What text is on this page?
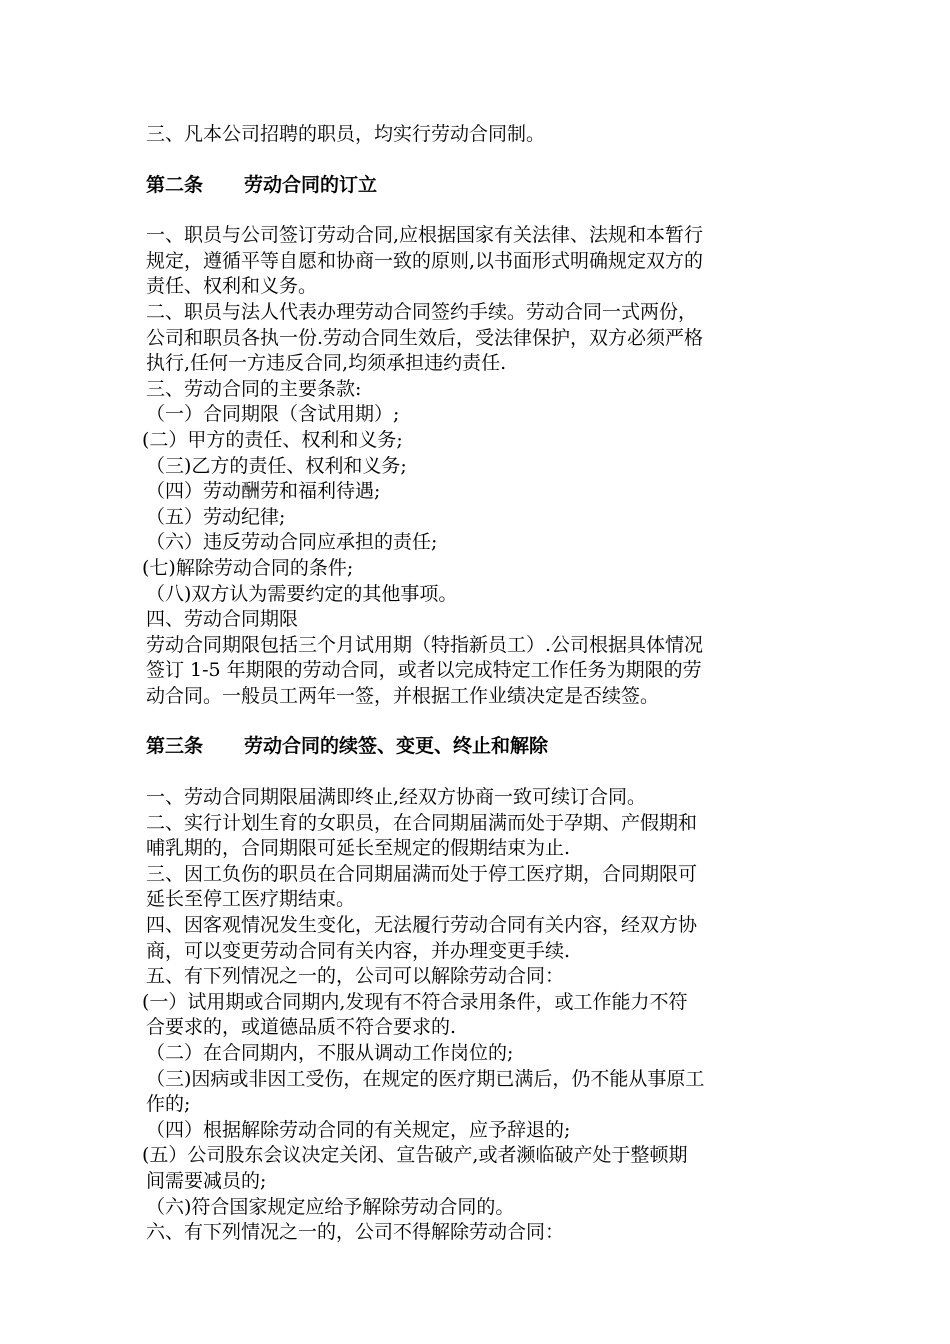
三、凡本公司招聘的职员，均实行劳动合同制。
第二条 劳动合同的订立
一、职员与公司签订劳动合同,应根据国家有关法律、法规和本暂行
规定，遵循平等自愿和协商一致的原则,以书面形式明确规定双方的
责任、权利和义务。
二、职员与法人代表办理劳动合同签约手续。劳动合同一式两份，
公司和职员各执一份.劳动合同生效后，受法律保护，双方必须严格
执行,任何一方违反合同,均须承担违约责任.
三、劳动合同的主要条款:
（一）合同期限（含试用期）;
(二）甲方的责任、权利和义务;
（三)乙方的责任、权利和义务;
（四）劳动酬劳和福利待遇;
（五）劳动纪律;
（六）违反劳动合同应承担的责任;
(七)解除劳动合同的条件;
（八)双方认为需要约定的其他事项。
四、劳动合同期限
劳动合同期限包括三个月试用期（特指新员工）.公司根据具体情况
签订 1-5 年期限的劳动合同，或者以完成特定工作任务为期限的劳
动合同。一般员工两年一签，并根据工作业绩决定是否续签。
第三条 劳动合同的续签、变更、终止和解除
一、劳动合同期限届满即终止,经双方协商一致可续订合同。
二、实行计划生育的女职员，在合同期届满而处于孕期、产假期和
哺乳期的，合同期限可延长至规定的假期结束为止.
三、因工负伤的职员在合同期届满而处于停工医疗期，合同期限可
延长至停工医疗期结束。
四、因客观情况发生变化，无法履行劳动合同有关内容，经双方协
商，可以变更劳动合同有关内容，并办理变更手续.
五、有下列情况之一的，公司可以解除劳动合同：
(一）试用期或合同期内,发现有不符合录用条件，或工作能力不符
合要求的，或道德品质不符合要求的.
（二）在合同期内，不服从调动工作岗位的;
（三)因病或非因工受伤，在规定的医疗期已满后，仍不能从事原工
作的;
（四）根据解除劳动合同的有关规定，应予辞退的;
(五）公司股东会议决定关闭、宣告破产,或者濒临破产处于整顿期
间需要减员的;
（六)符合国家规定应给予解除劳动合同的。
六、有下列情况之一的，公司不得解除劳动合同：
